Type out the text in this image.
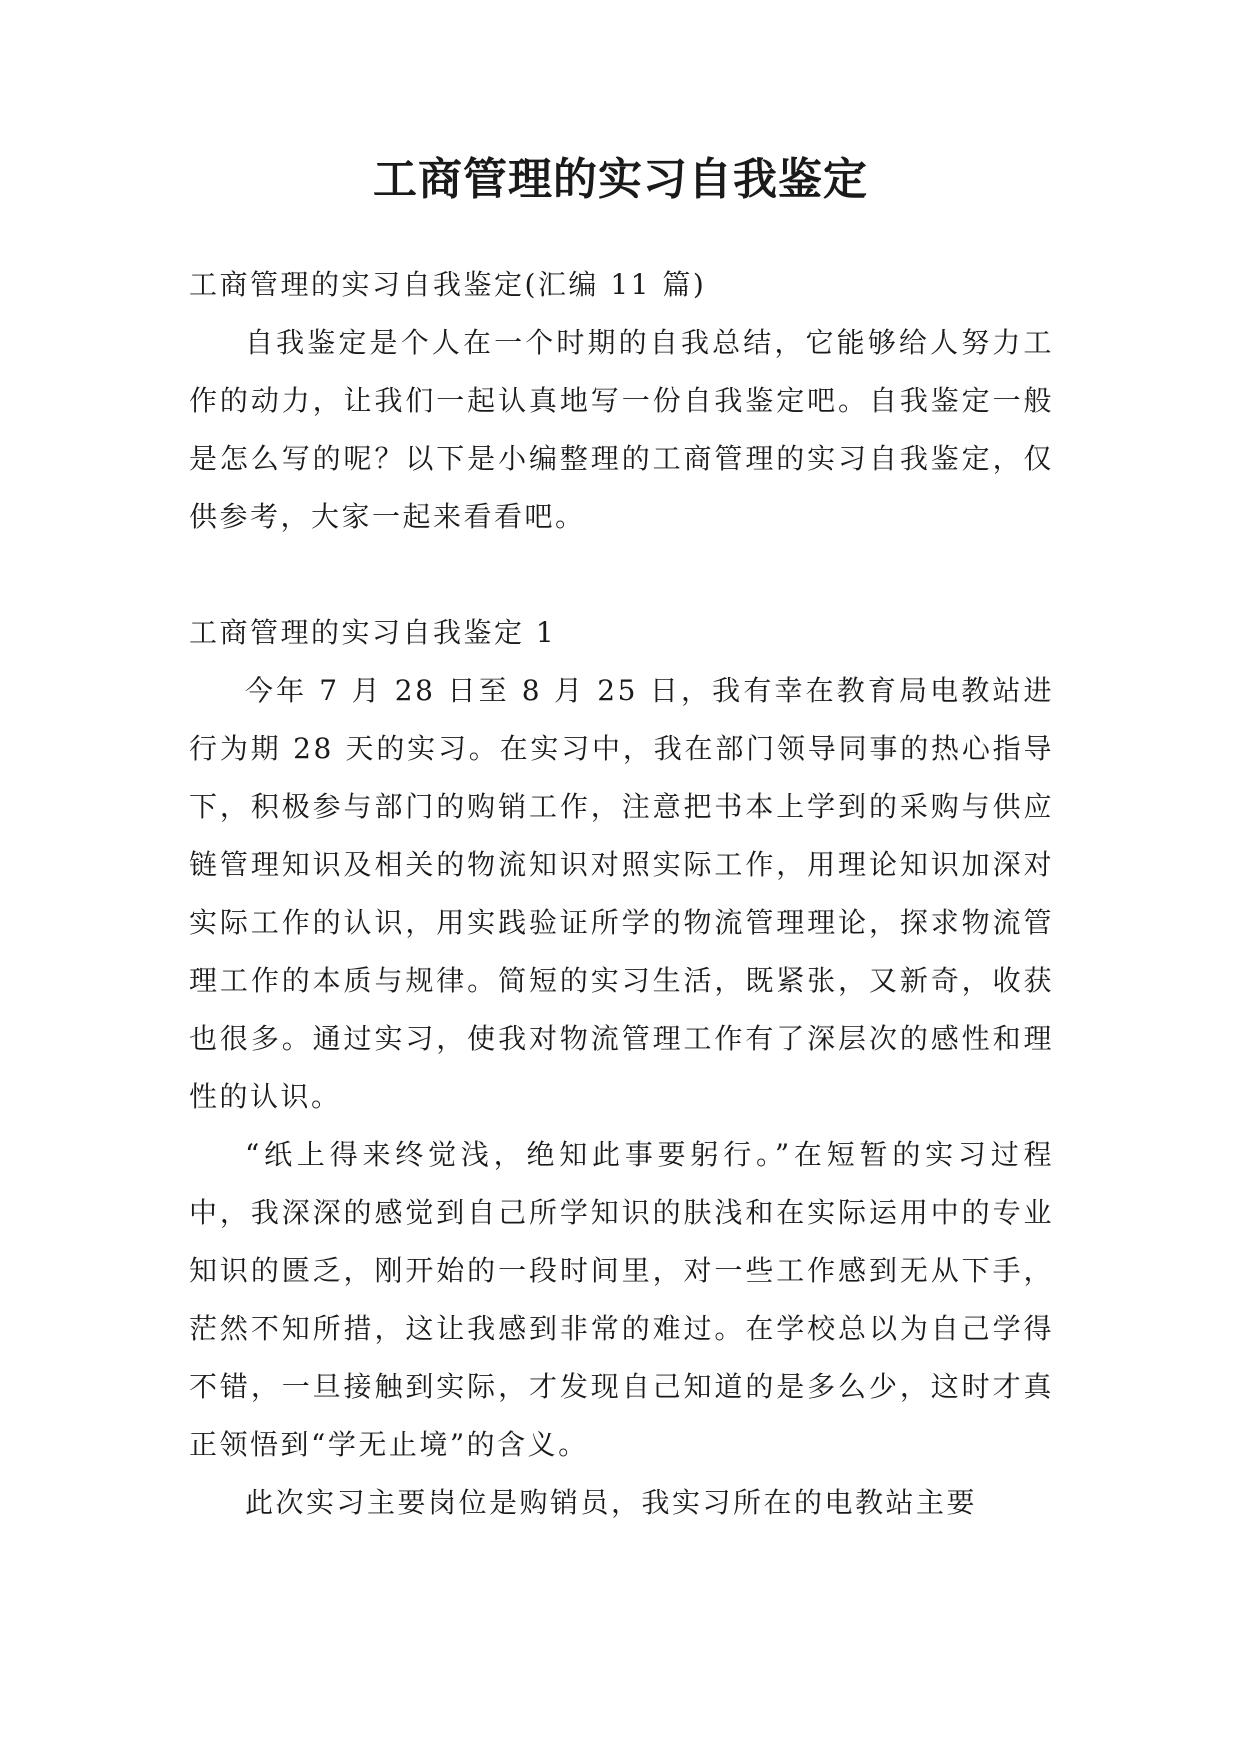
工商管理的实习自我鉴定

工商管理的实习自我鉴定(汇编 11 篇)

自我鉴定是个人在一个时期的自我总结，它能够给人努力工作的动力，让我们一起认真地写一份自我鉴定吧。自我鉴定一般是怎么写的呢？以下是小编整理的工商管理的实习自我鉴定，仅供参考，大家一起来看看吧。

工商管理的实习自我鉴定 1

今年 7 月 28 日至 8 月 25 日，我有幸在教育局电教站进行为期 28 天的实习。在实习中，我在部门领导同事的热心指导下，积极参与部门的购销工作，注意把书本上学到的采购与供应链管理知识及相关的物流知识对照实际工作，用理论知识加深对实际工作的认识，用实践验证所学的物流管理理论，探求物流管理工作的本质与规律。简短的实习生活，既紧张，又新奇，收获也很多。通过实习，使我对物流管理工作有了深层次的感性和理性的认识。

“纸上得来终觉浅，绝知此事要躬行。”在短暂的实习过程中，我深深的感觉到自己所学知识的肤浅和在实际运用中的专业知识的匮乏，刚开始的一段时间里，对一些工作感到无从下手，茫然不知所措，这让我感到非常的难过。在学校总以为自己学得不错，一旦接触到实际，才发现自己知道的是多么少，这时才真正领悟到“学无止境”的含义。

此次实习主要岗位是购销员，我实习所在的电教站主要
